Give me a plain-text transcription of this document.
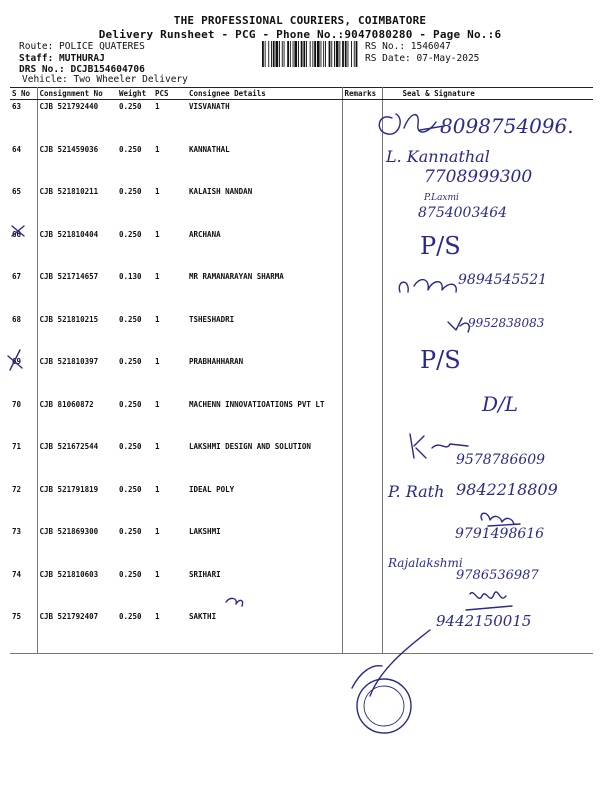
THE PROFESSIONAL COURIERS, COIMBATORE
Delivery Runsheet - PCG - Phone No.:9047080280 - Page No.:6
Route: POLICE QUATERES
Staff: MUTHURAJ
DRS No.: DCJB154604706
Vehicle: Two Wheeler Delivery
RS No.: 1546047
RS Date: 07-May-2025
S No	Consignment No	Weight	PCS	Consignee Details	Remarks	Seal & Signature
63	CJB 521792440	0.250	1	VISVANATH		
64	CJB 521459036	0.250	1	KANNATHAL		
65	CJB 521810211	0.250	1	KALAISH NANDAN		
66	CJB 521810404	0.250	1	ARCHANA		
67	CJB 521714657	0.130	1	MR RAMANARAYAN SHARMA		
68	CJB 521810215	0.250	1	TSHESHADRI		
69	CJB 521810397	0.250	1	PRABHAHHARAN		
70	CJB 81060872	0.250	1	MACHENN INNOVATIOATIONS PVT LT		
71	CJB 521672544	0.250	1	LAKSHMI DESIGN AND SOLUTION		
72	CJB 521791819	0.250	1	IDEAL POLY		
73	CJB 521869300	0.250	1	LAKSHMI		
74	CJB 521810603	0.250	1	SRIHARI		
75	CJB 521792407	0.250	1	SAKTHI		
8098754096.
L. Kannathal
7708999300
P.Laxmi
8754003464
P/S
9894545521
9952838083
P/S
D/L
9578786609
P. Rath 9842218809
9791498616
Rajalakshmi
9786536987
9442150015
